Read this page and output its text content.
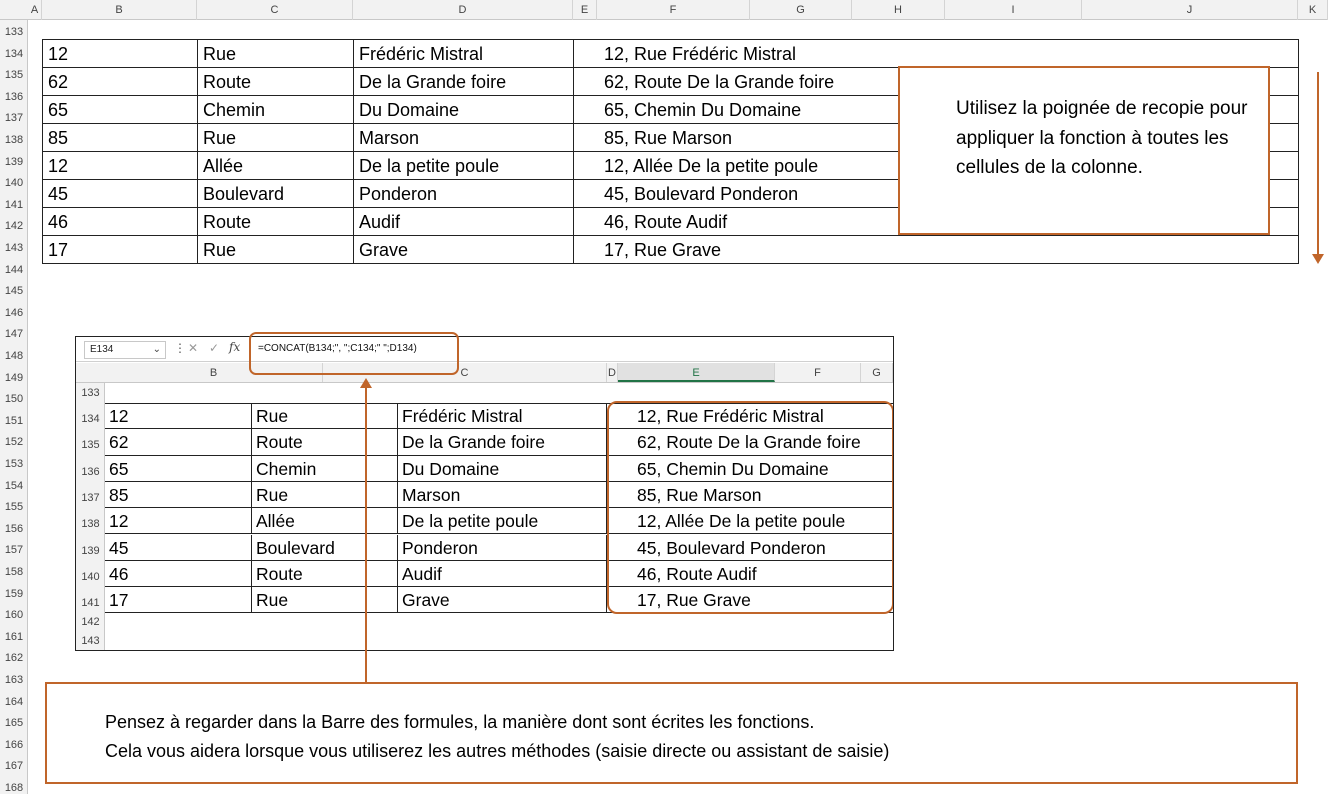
A	B	C	D	E	F	G	H	I	J	K
133
134
135
136
137
138
139
140
141
142
143
144
145
146
147
148
149
150
151
152
153
154
155
156
157
158
159
160
161
162
163
164
165
166
167
168
12	Rue	Frédéric Mistral	12, Rue Frédéric Mistral
62	Route	De la Grande foire	62, Route De la Grande foire
65	Chemin	Du Domaine	65, Chemin Du Domaine
85	Rue	Marson	85, Rue Marson
12	Allée	De la petite poule	12, Allée De la petite poule
45	Boulevard	Ponderon	45, Boulevard Ponderon
46	Route	Audif	46, Route Audif
17	Rue	Grave	17, Rue Grave
Utilisez la poignée de recopie pour appliquer la fonction à toutes les cellules de la colonne.
E134	⌄ ⋮ ✕ ✓ fx =CONCAT(B134;", ";C134;" ";D134)
B	C	D	E	F	G
133
134
135
136
137
138
139
140
141
142
143
12	Rue	Frédéric Mistral	12, Rue Frédéric Mistral
62	Route	De la Grande foire	62, Route De la Grande foire
65	Chemin	Du Domaine	65, Chemin Du Domaine
85	Rue	Marson	85, Rue Marson
12	Allée	De la petite poule	12, Allée De la petite poule
45	Boulevard	Ponderon	45, Boulevard Ponderon
46	Route	Audif	46, Route Audif
17	Rue	Grave	17, Rue Grave
Pensez à regarder dans la Barre des formules, la manière dont sont écrites les fonctions.
Cela vous aidera lorsque vous utiliserez les autres méthodes (saisie directe ou assistant de saisie)
